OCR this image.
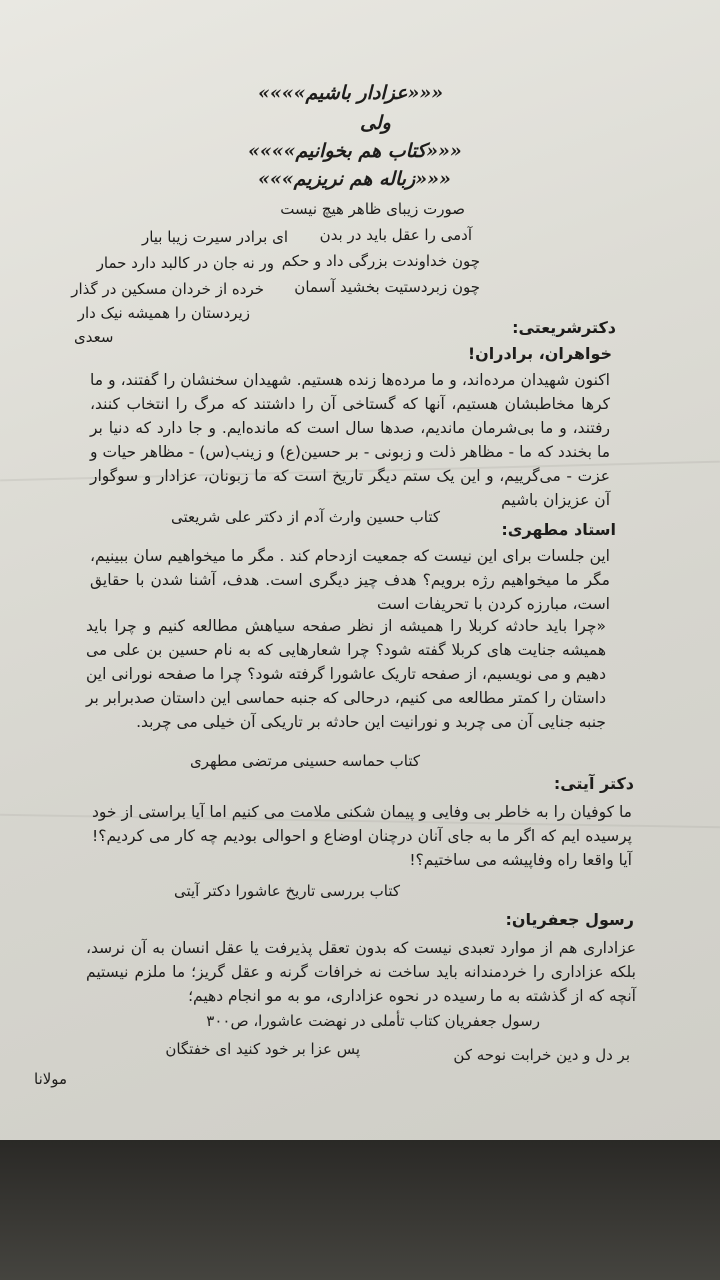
«««عزادار باشیم»»»»
ولی
«««کتاب هم بخوانیم»»»»
«««زباله هم نریزیم»»»
صورت زیبای ظاهر هیچ نیست
آدمی را عقل باید در بدن
چون خداوندت بزرگی داد و حکم
چون زبردستیت بخشید آسمان
ای برادر سیرت زیبا بیار
ور نه جان در کالبد دارد حمار
خرده از خردان مسکین در گذار
زیردستان را همیشه نیک دار
سعدی	دکترشریعتی:
خواهران، برادران!
اکنون شهیدان مرده‌اند، و ما مرده‌ها زنده هستیم. شهیدان سخنشان را گفتند، و ما کرها مخاطبشان هستیم، آنها که گستاخی آن را داشتند که مرگ را انتخاب کنند، رفتند، و ما بی‌شرمان ماندیم، صدها سال است که مانده‌ایم. و جا دارد که دنیا بر ما بخندد که ما - مظاهر ذلت و زبونی - بر حسین(ع) و زینب(س) - مظاهر حیات و عزت - می‌گرییم، و این یک ستم دیگر تاریخ است که ما زبونان، عزادار و سوگوار آن عزیزان باشیم
کتاب حسین وارث آدم از دکتر علی شریعتی
استاد مطهری:
این جلسات برای این نیست که جمعیت ازدحام کند . مگر ما میخواهیم سان ببینیم، مگر ما میخواهیم رژه برویم؟ هدف چیز دیگری است. هدف، آشنا شدن با حقایق است، مبارزه کردن با تحریفات است
«چرا باید حادثه کربلا را همیشه از نظر صفحه سیاهش مطالعه کنیم و چرا باید همیشه جنایت های کربلا گفته شود؟ چرا شعارهایی که به نام حسین بن علی می دهیم و می نویسیم، از صفحه تاریک عاشورا گرفته شود؟ چرا ما صفحه نورانی این داستان را کمتر مطالعه می کنیم، درحالی که جنبه حماسی این داستان صدبرابر بر جنبه جنایی آن می چربد و نورانیت این حادثه بر تاریکی آن خیلی می چربد.
کتاب حماسه حسینی مرتضی مطهری
دکتر آیتی:
ما کوفیان را به خاطر بی وفایی و پیمان شکنی ملامت می کنیم اما آیا براستی از خود پرسیده ایم که اگر ما به جای آنان درچنان اوضاع و احوالی بودیم چه کار می کردیم؟! آیا واقعا راه وفاپیشه می ساختیم؟!
کتاب بررسی تاریخ عاشورا دکتر آیتی
رسول جعفریان:
عزاداری هم از موارد تعبدی نیست که بدون تعقل پذیرفت یا عقل انسان به آن نرسد، بلکه عزاداری را خردمندانه باید ساخت نه خرافات گرنه و عقل گریز؛ ما ملزم نیستیم آنچه که از گذشته به ما رسیده در نحوه عزاداری، مو به مو انجام دهیم؛
رسول جعفریان کتاب تأملی در نهضت عاشورا، ص۳۰۰
بر دل و دین خرابت نوحه کن
پس عزا بر خود کنید ای خفتگان
مولانا
